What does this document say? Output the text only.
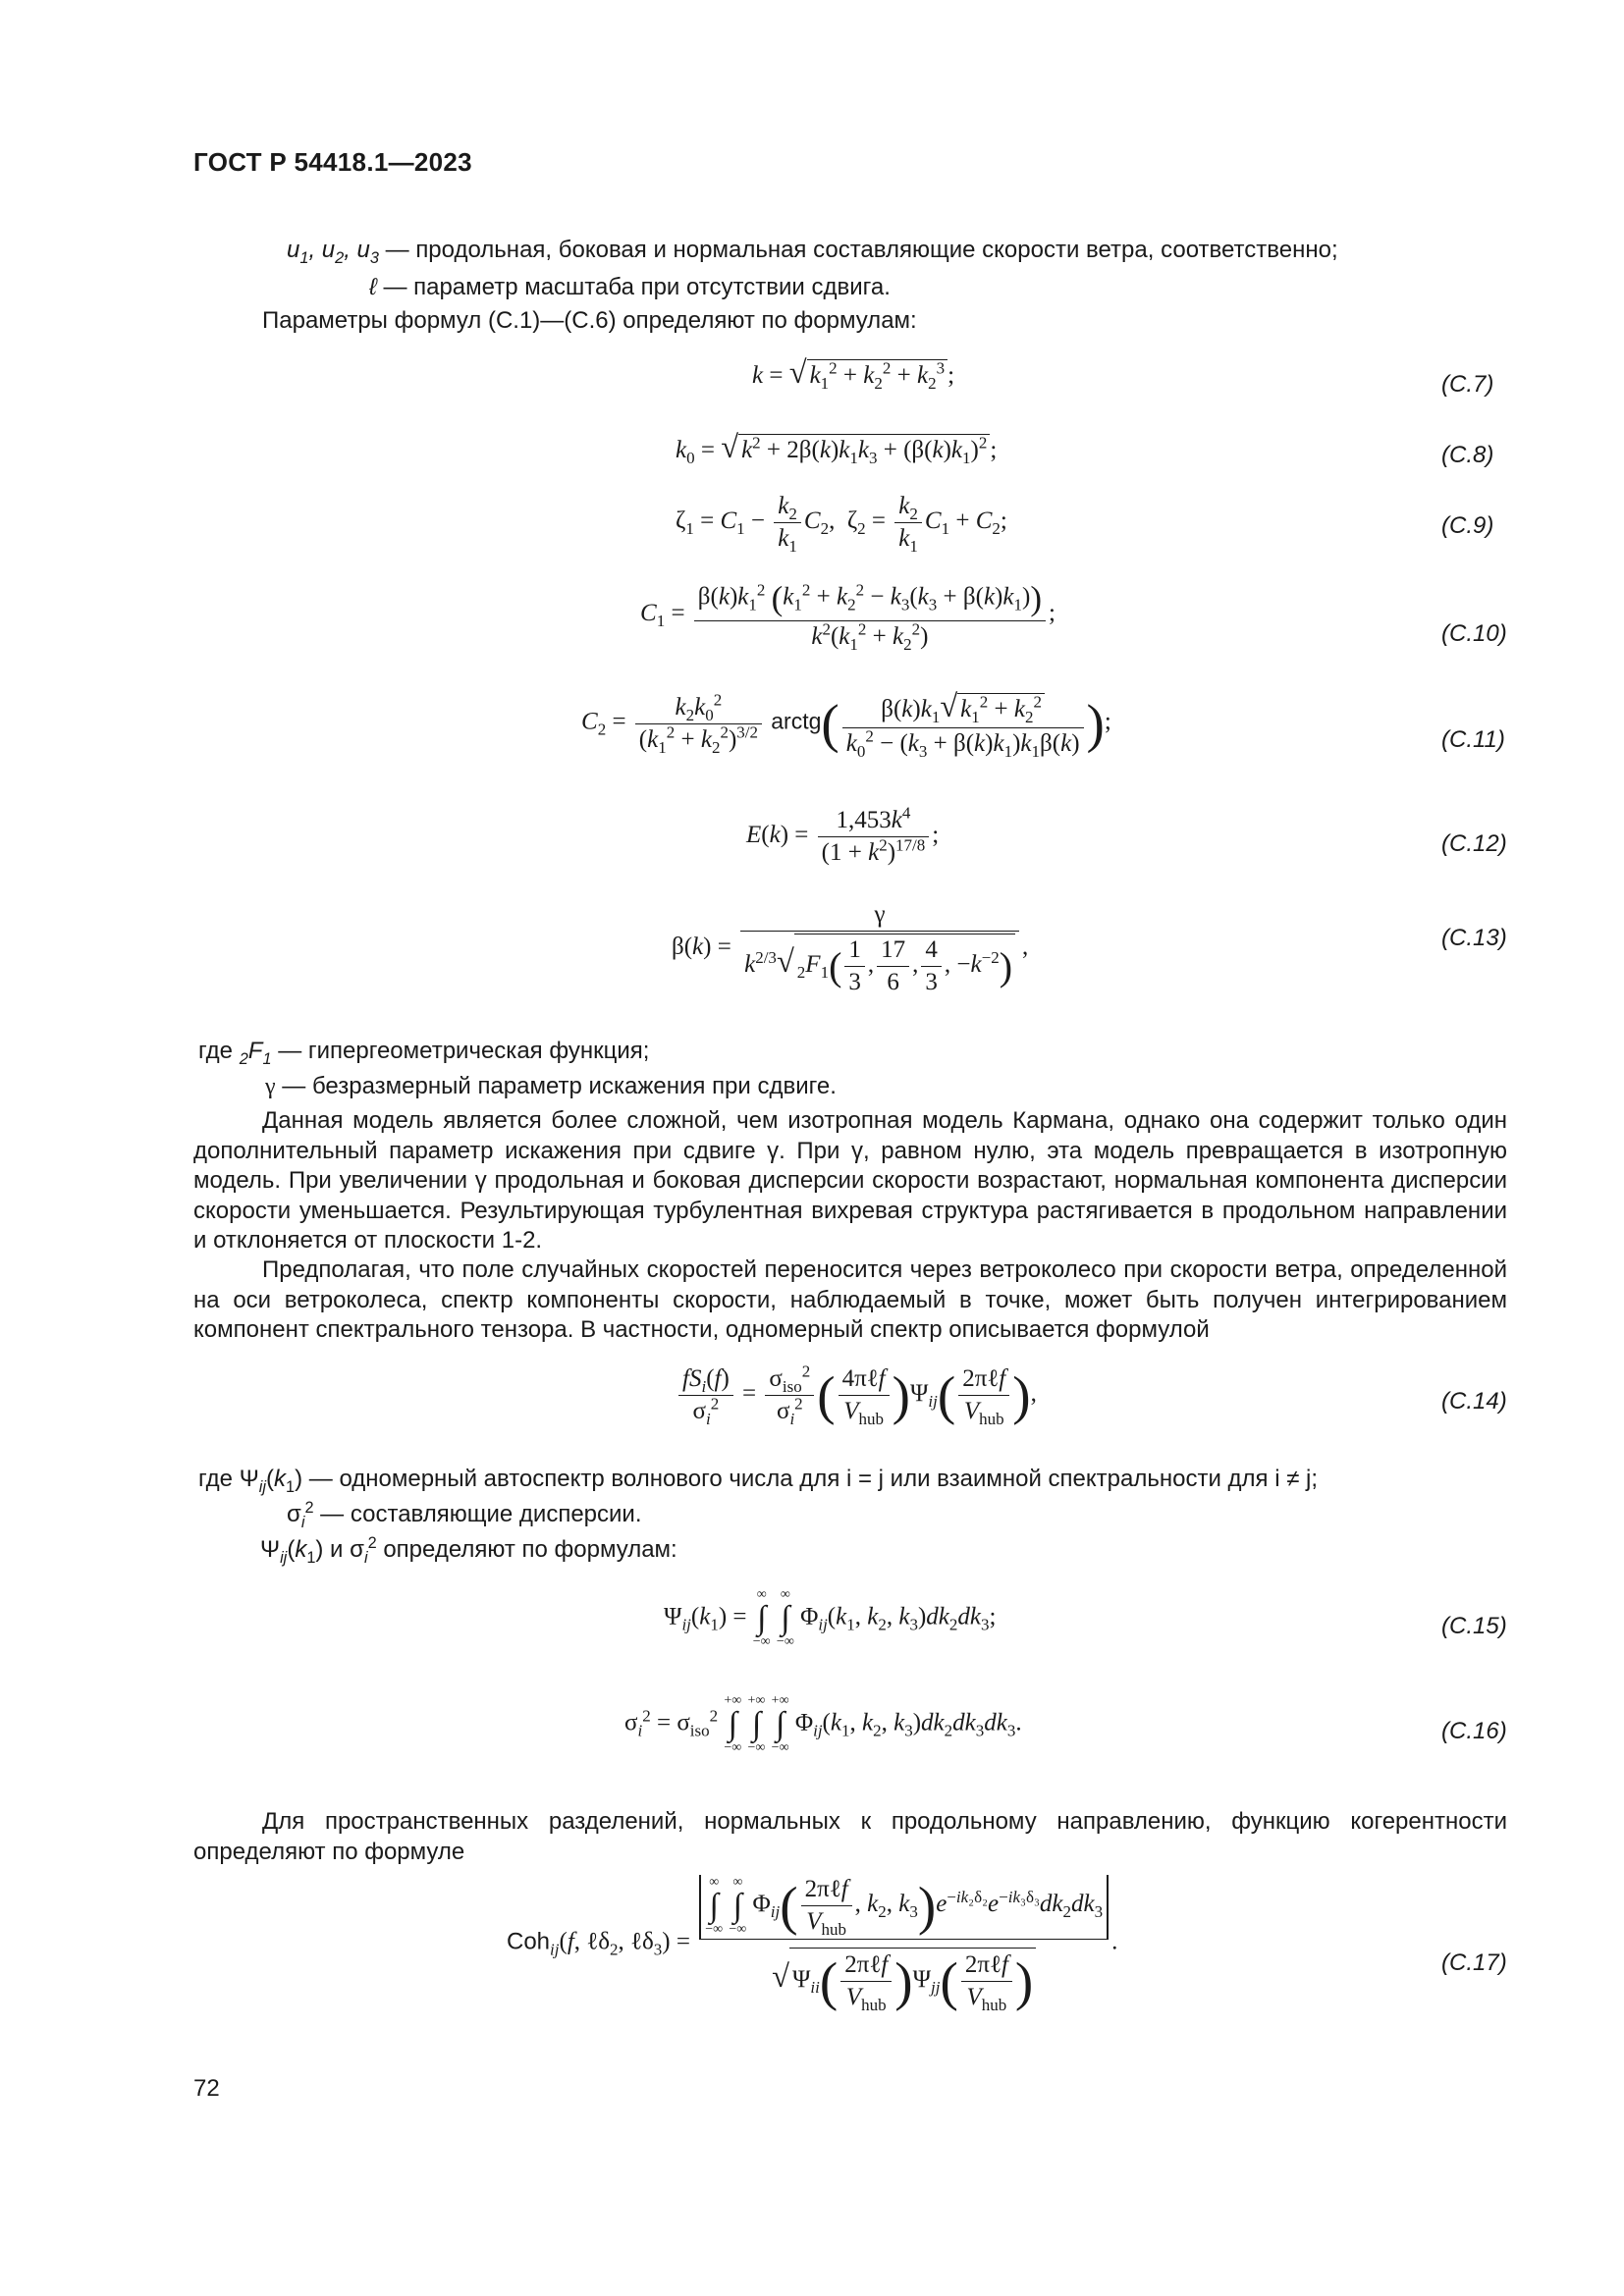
ГОСТ Р 54418.1—2023
$u_1$, $u_2$, $u_3$ — продольная, боковая и нормальная составляющие скорости ветра, соответственно;
ℓ — параметр масштаба при отсутствии сдвига.
Параметры формул (С.1)—(С.6) определяют по формулам:
k = √ $k_1^2 + k_2^2 + k_2^3$ ;	(С.7)
$k_0$ = √ $k^2 + 2\beta(k)k_1k_3 + (\beta(k)k_1)^2$ ;	(С.8)
$\zeta_1 = C_1 - \frac{k_2}{k_1} C_2$,  $\zeta_2 = \frac{k_2}{k_1} C_1 + C_2$;	(С.9)
$C_1 = \frac{\beta(k)k_1^2 (k_1^2 + k_2^2 - k_3(k_3 + \beta(k)k_1))}{k^2(k_1^2 + k_2^2)}$ ;
(С.10)
$C_2 = \frac{k_2k_0^2}{(k_1^2 + k_2^2)^{3/2}}$ arctg( $\frac{\beta(k)k_1√ k_1^2 + k_2^2}{k_0^2 - (k_3 + \beta(k)k_1)k_1\beta(k)}$ );
(С.11)
$E(k) = \frac{1,453k^4}{(1 + k^2)^{17/8}}$ ;	(С.12)
$\beta(k) = \frac{\gamma}{k^{2/3}√ _2F_1( \frac{1}{3} , \frac{17}{6} , \frac{4}{3} , -k^{-2})}$ ,	(С.13)
где $_2F_1$ — гипергеометрическая функция;
γ — безразмерный параметр искажения при сдвиге.

Данная модель является более сложной, чем изотропная модель Кармана, однако она содержит только один дополнительный параметр искажения при сдвиге γ. При γ, равном нулю, эта модель превращается в изотропную модель. При увеличении γ продольная и боковая дисперсии скорости возрастают, нормальная компонента дисперсии скорости уменьшается. Результирующая турбулентная вихревая структура растягивается в продольном направлении и отклоняется от плоскости 1-2.

Предполагая, что поле случайных скоростей переносится через ветроколесо при скорости ветра, определенной на оси ветроколеса, спектр компоненты скорости, наблюдаемый в точке, может быть получен интегрированием компонент спектрального тензора. В частности, одномерный спектр описывается формулой

$\frac{fS_i(f)}{\sigma_i^2} = \frac{\sigma_{iso}^2}{\sigma_i^2}$ ( $\frac{\text{4πℓf}}{V_{hub}} )\Psi_{ij}( \frac{\text{2πℓf}}{V_{hub}}$ ),	(С.14)
где $\Psi_{ij}(k_1)$ — одномерный автоспектр волнового числа для i = j или взаимной спектральности для i ≠ j;
$\sigma_i^2$ — составляющие дисперсии.
$\Psi_{ij}(k_1)$ и $\sigma_i^2$ определяют по формулам:
$\Psi_{ij}(k_1)$ =
∞
∫
−∞

∞
∫
−∞
$\Phi_{ij}(k_1$, $k_2$, $k_3)dk_2dk_3$;	(С.15)
$\sigma_i^2 = \sigma_{iso}^2$
+∞
∫
−∞

+∞
∫
−∞

+∞
∫
−∞
$\Phi_{ij}(k_1$, $k_2$, $k_3)dk_2dk_3dk_3$.	(С.16)

Для пространственных разделений, нормальных к продольному направлению, функцию когерентности определяют по формуле

Coh$_{ij}$(f, ℓδ$_2$, ℓδ$_3$) =
∞
∫
−∞

∞
∫
−∞
$\Phi_{ij}( \frac{\text{2πℓf}}{V_{hub}}$ , $k_2$, $k_3)e^{-ik_2\delta_2}e^{-ik_3\delta_3}dk_2dk_3$
√ $\Psi_{ii}( \frac{\text{2πℓf}}{V_{hub}} )\Psi_{jj}( \frac{\text{2πℓf}}{V_{hub}}$ )
.
(С.17)
72
